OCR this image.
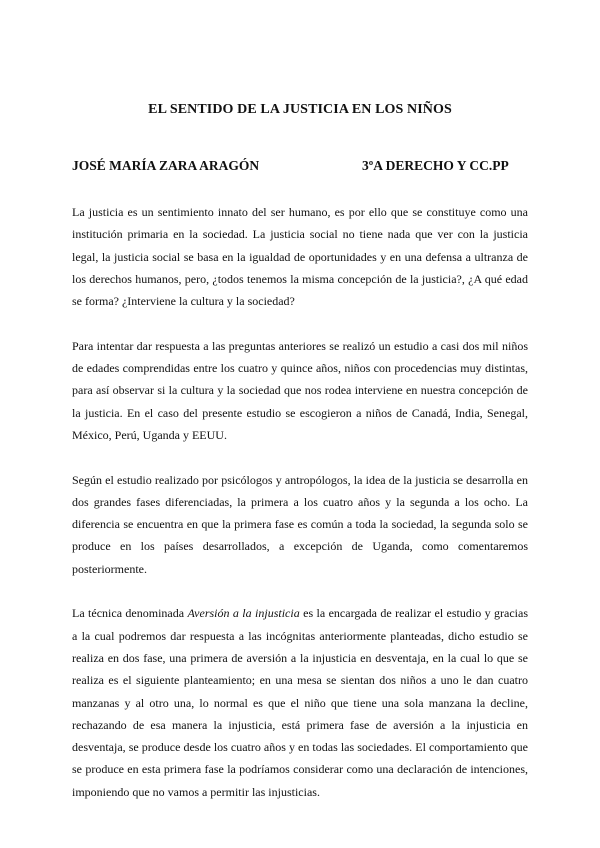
EL SENTIDO DE LA JUSTICIA EN LOS NIÑOS
JOSÉ MARÍA ZARA ARAGÓN	3ºA DERECHO Y CC.PP

La justicia es un sentimiento innato del ser humano, es por ello que se constituye como una institución primaria en la sociedad. La justicia social no tiene nada que ver con la justicia legal, la justicia social se basa en la igualdad de oportunidades y en una defensa a ultranza de los derechos humanos, pero, ¿todos tenemos la misma concepción de la justicia?, ¿A qué edad se forma? ¿Interviene la cultura y la sociedad?

Para intentar dar respuesta a las preguntas anteriores se realizó un estudio a casi dos mil niños de edades comprendidas entre los cuatro y quince años, niños con procedencias muy distintas, para así observar si la cultura y la sociedad que nos rodea interviene en nuestra concepción de la justicia. En el caso del presente estudio se escogieron a niños de Canadá, India, Senegal, México, Perú, Uganda y EEUU.

Según el estudio realizado por psicólogos y antropólogos, la idea de la justicia se desarrolla en dos grandes fases diferenciadas, la primera a los cuatro años y la segunda a los ocho. La diferencia se encuentra en que la primera fase es común a toda la sociedad, la segunda solo se produce en los países desarrollados, a excepción de Uganda, como comentaremos posteriormente.

La técnica denominada Aversión a la injusticia es la encargada de realizar el estudio y gracias a la cual podremos dar respuesta a las incógnitas anteriormente planteadas, dicho estudio se realiza en dos fase, una primera de aversión a la injusticia en desventaja, en la cual lo que se realiza es el siguiente planteamiento; en una mesa se sientan dos niños a uno le dan cuatro manzanas y al otro una, lo normal es que el niño que tiene una sola manzana la decline, rechazando de esa manera la injusticia, está primera fase de aversión a la injusticia en desventaja, se produce desde los cuatro años y en todas las sociedades. El comportamiento que se produce en esta primera fase la podríamos considerar como una declaración de intenciones, imponiendo que no vamos a permitir las injusticias.
